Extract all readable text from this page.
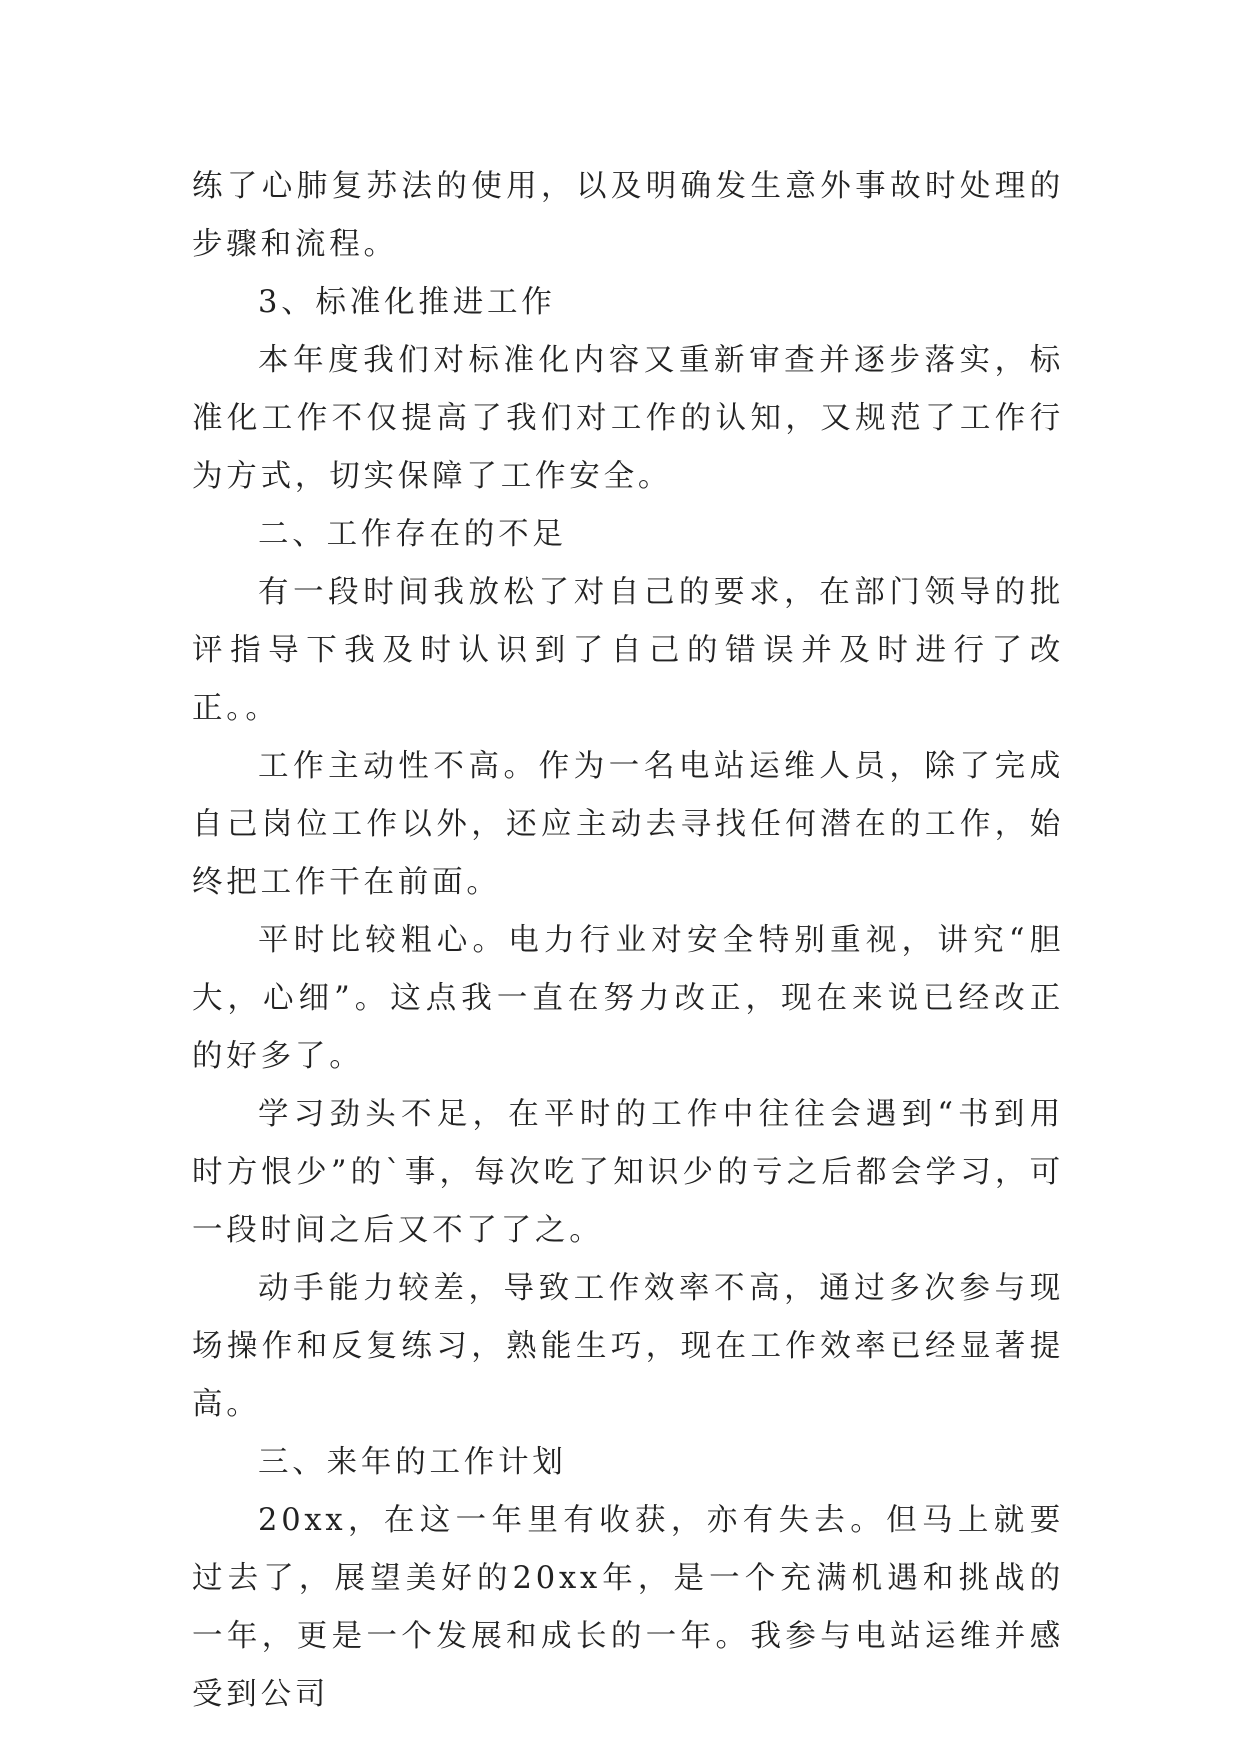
练了心肺复苏法的使用，以及明确发生意外事故时处理的步骤和流程。

3、标准化推进工作

本年度我们对标准化内容又重新审查并逐步落实，标准化工作不仅提高了我们对工作的认知，又规范了工作行为方式，切实保障了工作安全。

二、工作存在的不足

有一段时间我放松了对自己的要求，在部门领导的批评指导下我及时认识到了自己的错误并及时进行了改正。。

工作主动性不高。作为一名电站运维人员，除了完成自己岗位工作以外，还应主动去寻找任何潜在的工作，始终把工作干在前面。

平时比较粗心。电力行业对安全特别重视，讲究“胆大，心细”。这点我一直在努力改正，现在来说已经改正的好多了。

学习劲头不足，在平时的工作中往往会遇到“书到用时方恨少”的`事，每次吃了知识少的亏之后都会学习，可一段时间之后又不了了之。

动手能力较差，导致工作效率不高，通过多次参与现场操作和反复练习，熟能生巧，现在工作效率已经显著提高。

三、来年的工作计划

20xx，在这一年里有收获，亦有失去。但马上就要过去了，展望美好的20xx年，是一个充满机遇和挑战的一年，更是一个发展和成长的一年。我参与电站运维并感受到公司
